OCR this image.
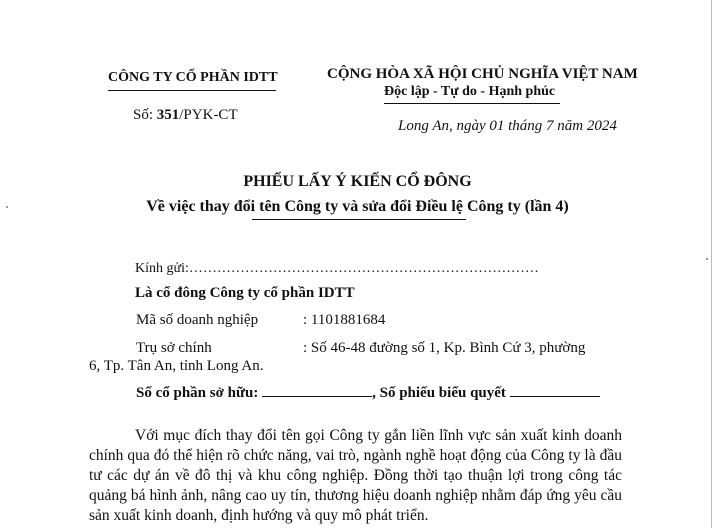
CÔNG TY CỔ PHẦN IDTT	CỘNG HÒA XÃ HỘI CHỦ NGHĨA VIỆT NAM
Độc lập - Tự do - Hạnh phúc
Số: 351/PYK-CT
Long An, ngày 01 tháng 7 năm 2024
PHIẾU LẤY Ý KIẾN CỔ ĐÔNG
Về việc thay đổi tên Công ty và sửa đổi Điều lệ Công ty (lần 4)
Kính gửi:…………………………………………………………………
Là cổ đông Công ty cổ phần IDTT
Mã số doanh nghiệp	: 1101881684
Trụ sở chính	: Số 46-48 đường số 1, Kp. Bình Cứ 3, phường
6, Tp. Tân An, tỉnh Long An.
Số cổ phần sở hữu:	, Số phiếu biểu quyết
Với mục đích thay đổi tên gọi Công ty gắn liền lĩnh vực sản xuất kinh doanh chính qua đó thể hiện rõ chức năng, vai trò, ngành nghề hoạt động của Công ty là đầu tư các dự án về đô thị và khu công nghiệp. Đồng thời tạo thuận lợi trong công tác quảng bá hình ảnh, nâng cao uy tín, thương hiệu doanh nghiệp nhằm đáp ứng yêu cầu sản xuất kinh doanh, định hướng và quy mô phát triển.
